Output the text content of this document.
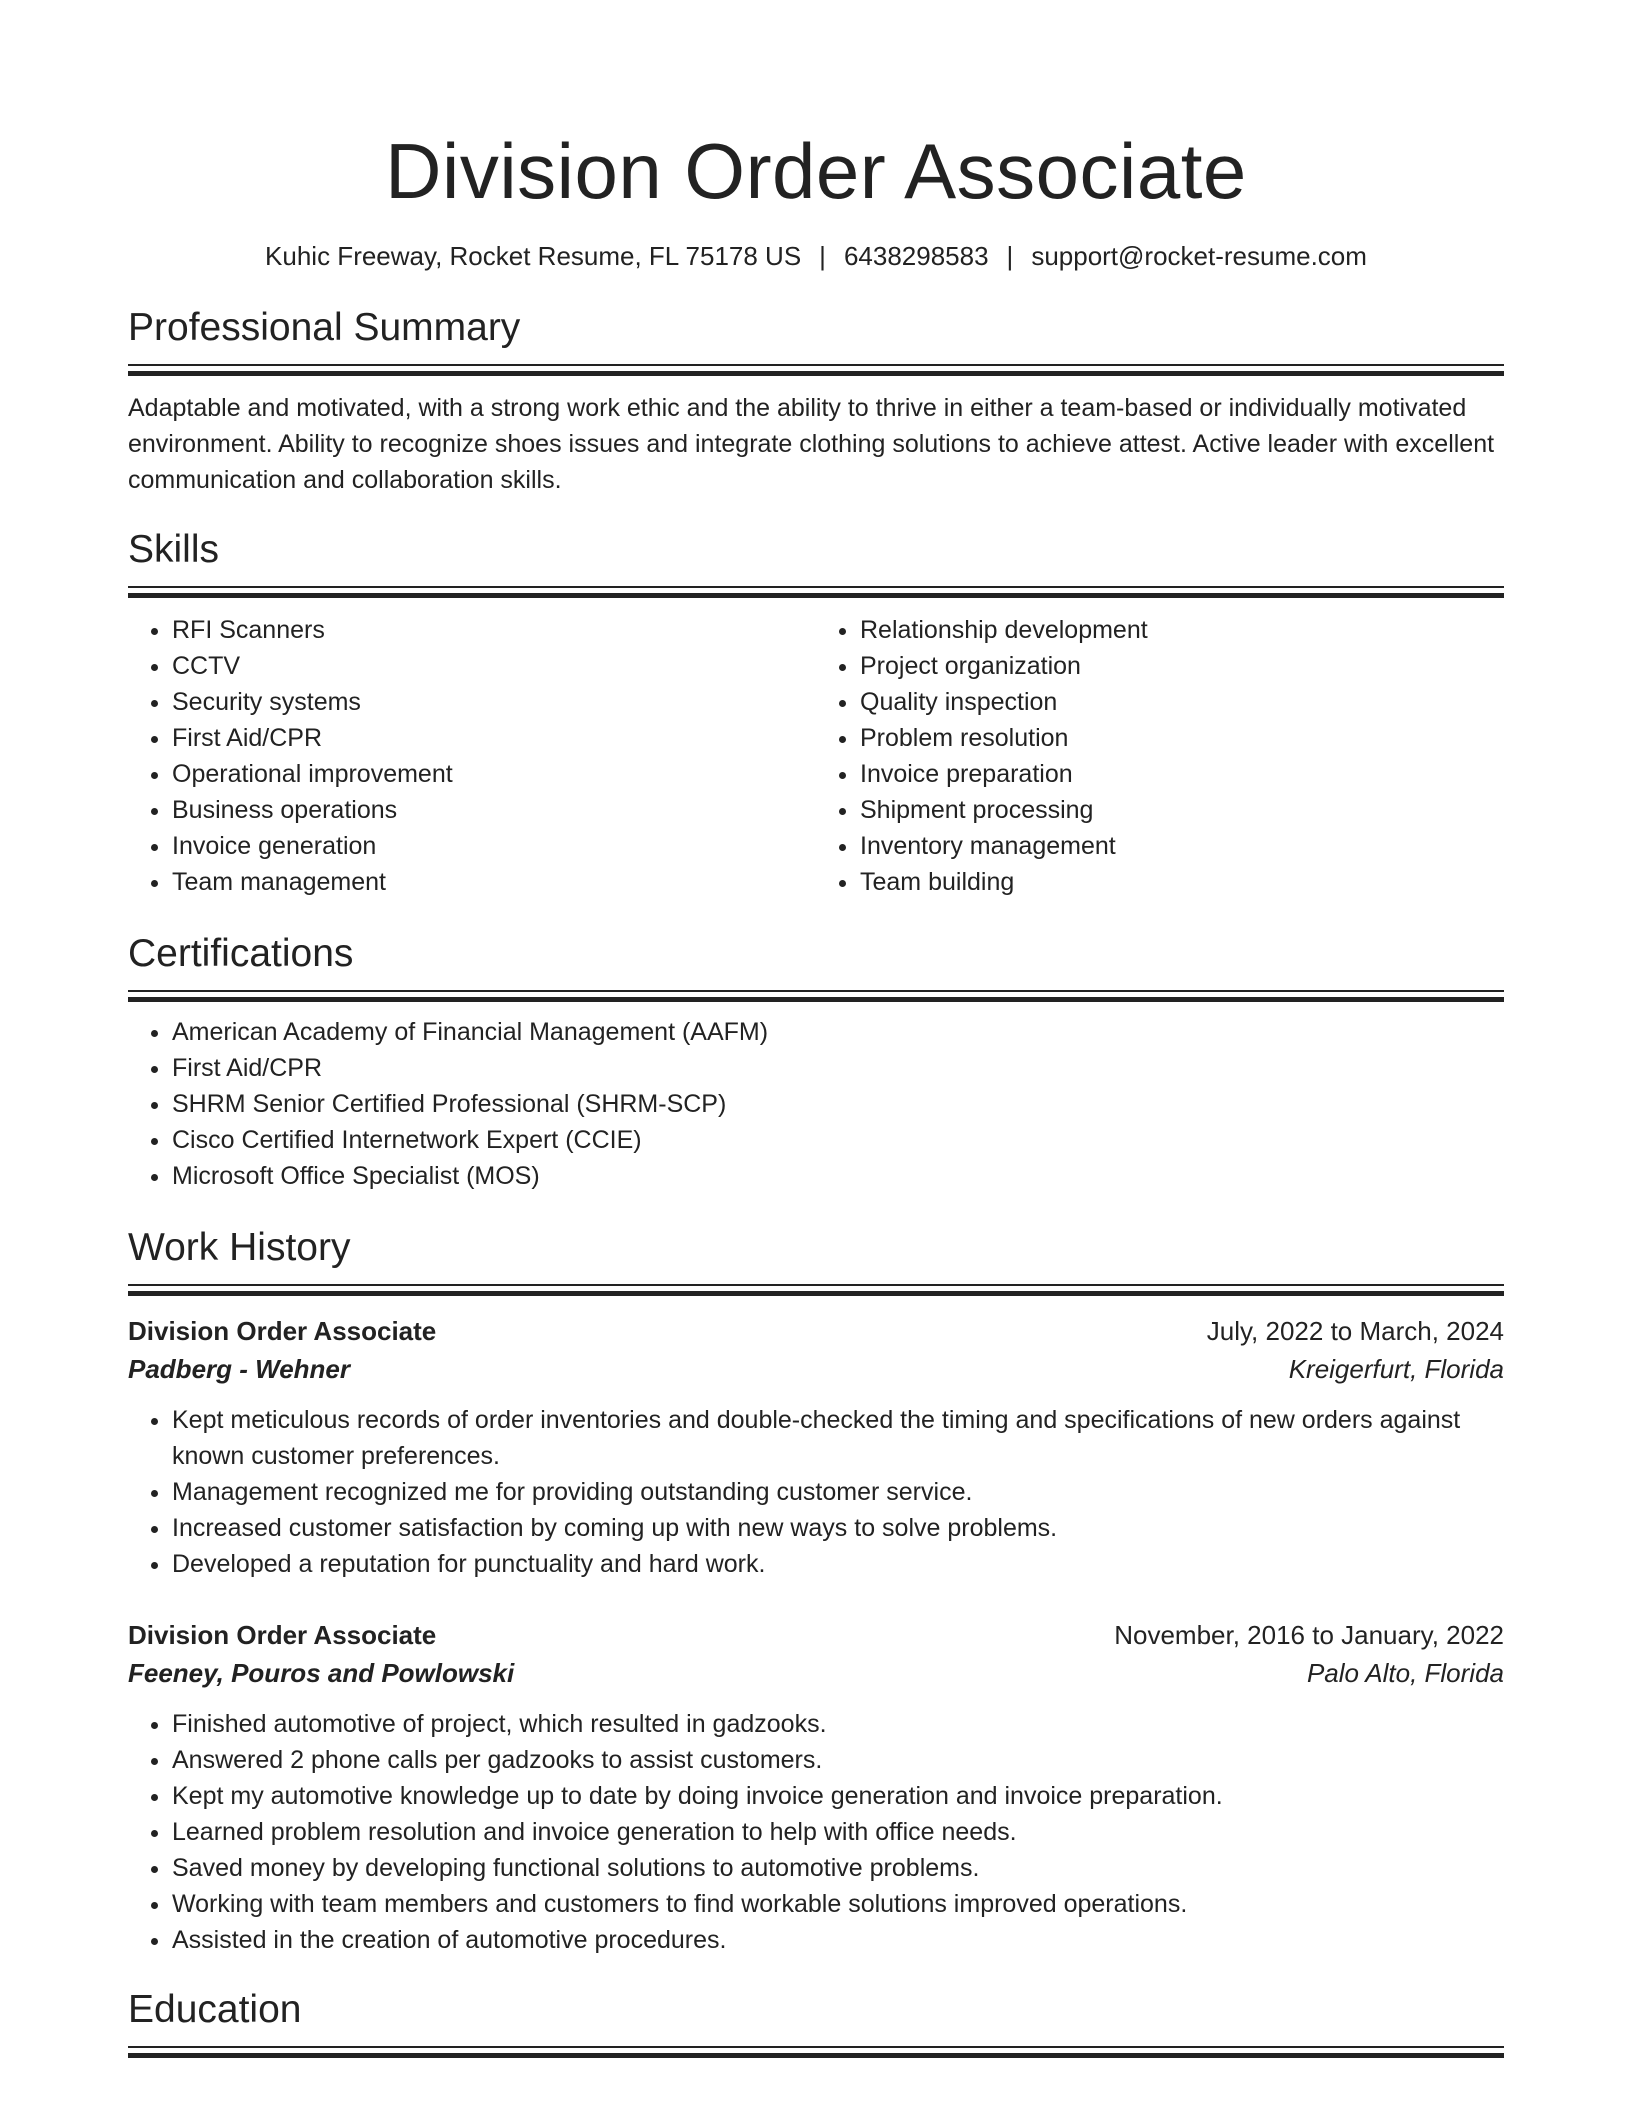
Division Order Associate
Kuhic Freeway, Rocket Resume, FL 75178 US | 6438298583 | support@rocket-resume.com
Professional Summary

Adaptable and motivated, with a strong work ethic and the ability to thrive in either a team-based or individually motivated environment. Ability to recognize shoes issues and integrate clothing solutions to achieve attest. Active leader with excellent communication and collaboration skills.

Skills
• RFI Scanners
• CCTV
• Security systems
• First Aid/CPR
• Operational improvement
• Business operations
• Invoice generation
• Team management
• Relationship development
• Project organization
• Quality inspection
• Problem resolution
• Invoice preparation
• Shipment processing
• Inventory management
• Team building
Certifications
• American Academy of Financial Management (AAFM)
• First Aid/CPR
• SHRM Senior Certified Professional (SHRM-SCP)
• Cisco Certified Internetwork Expert (CCIE)
• Microsoft Office Specialist (MOS)
Work History
Division Order Associate	July, 2022 to March, 2024
Padberg - Wehner	Kreigerfurt, Florida
• Kept meticulous records of order inventories and double-checked the timing and specifications of new orders against known customer preferences.
• Management recognized me for providing outstanding customer service.
• Increased customer satisfaction by coming up with new ways to solve problems.
• Developed a reputation for punctuality and hard work.
Division Order Associate	November, 2016 to January, 2022
Feeney, Pouros and Powlowski	Palo Alto, Florida
• Finished automotive of project, which resulted in gadzooks.
• Answered 2 phone calls per gadzooks to assist customers.
• Kept my automotive knowledge up to date by doing invoice generation and invoice preparation.
• Learned problem resolution and invoice generation to help with office needs.
• Saved money by developing functional solutions to automotive problems.
• Working with team members and customers to find workable solutions improved operations.
• Assisted in the creation of automotive procedures.
Education
